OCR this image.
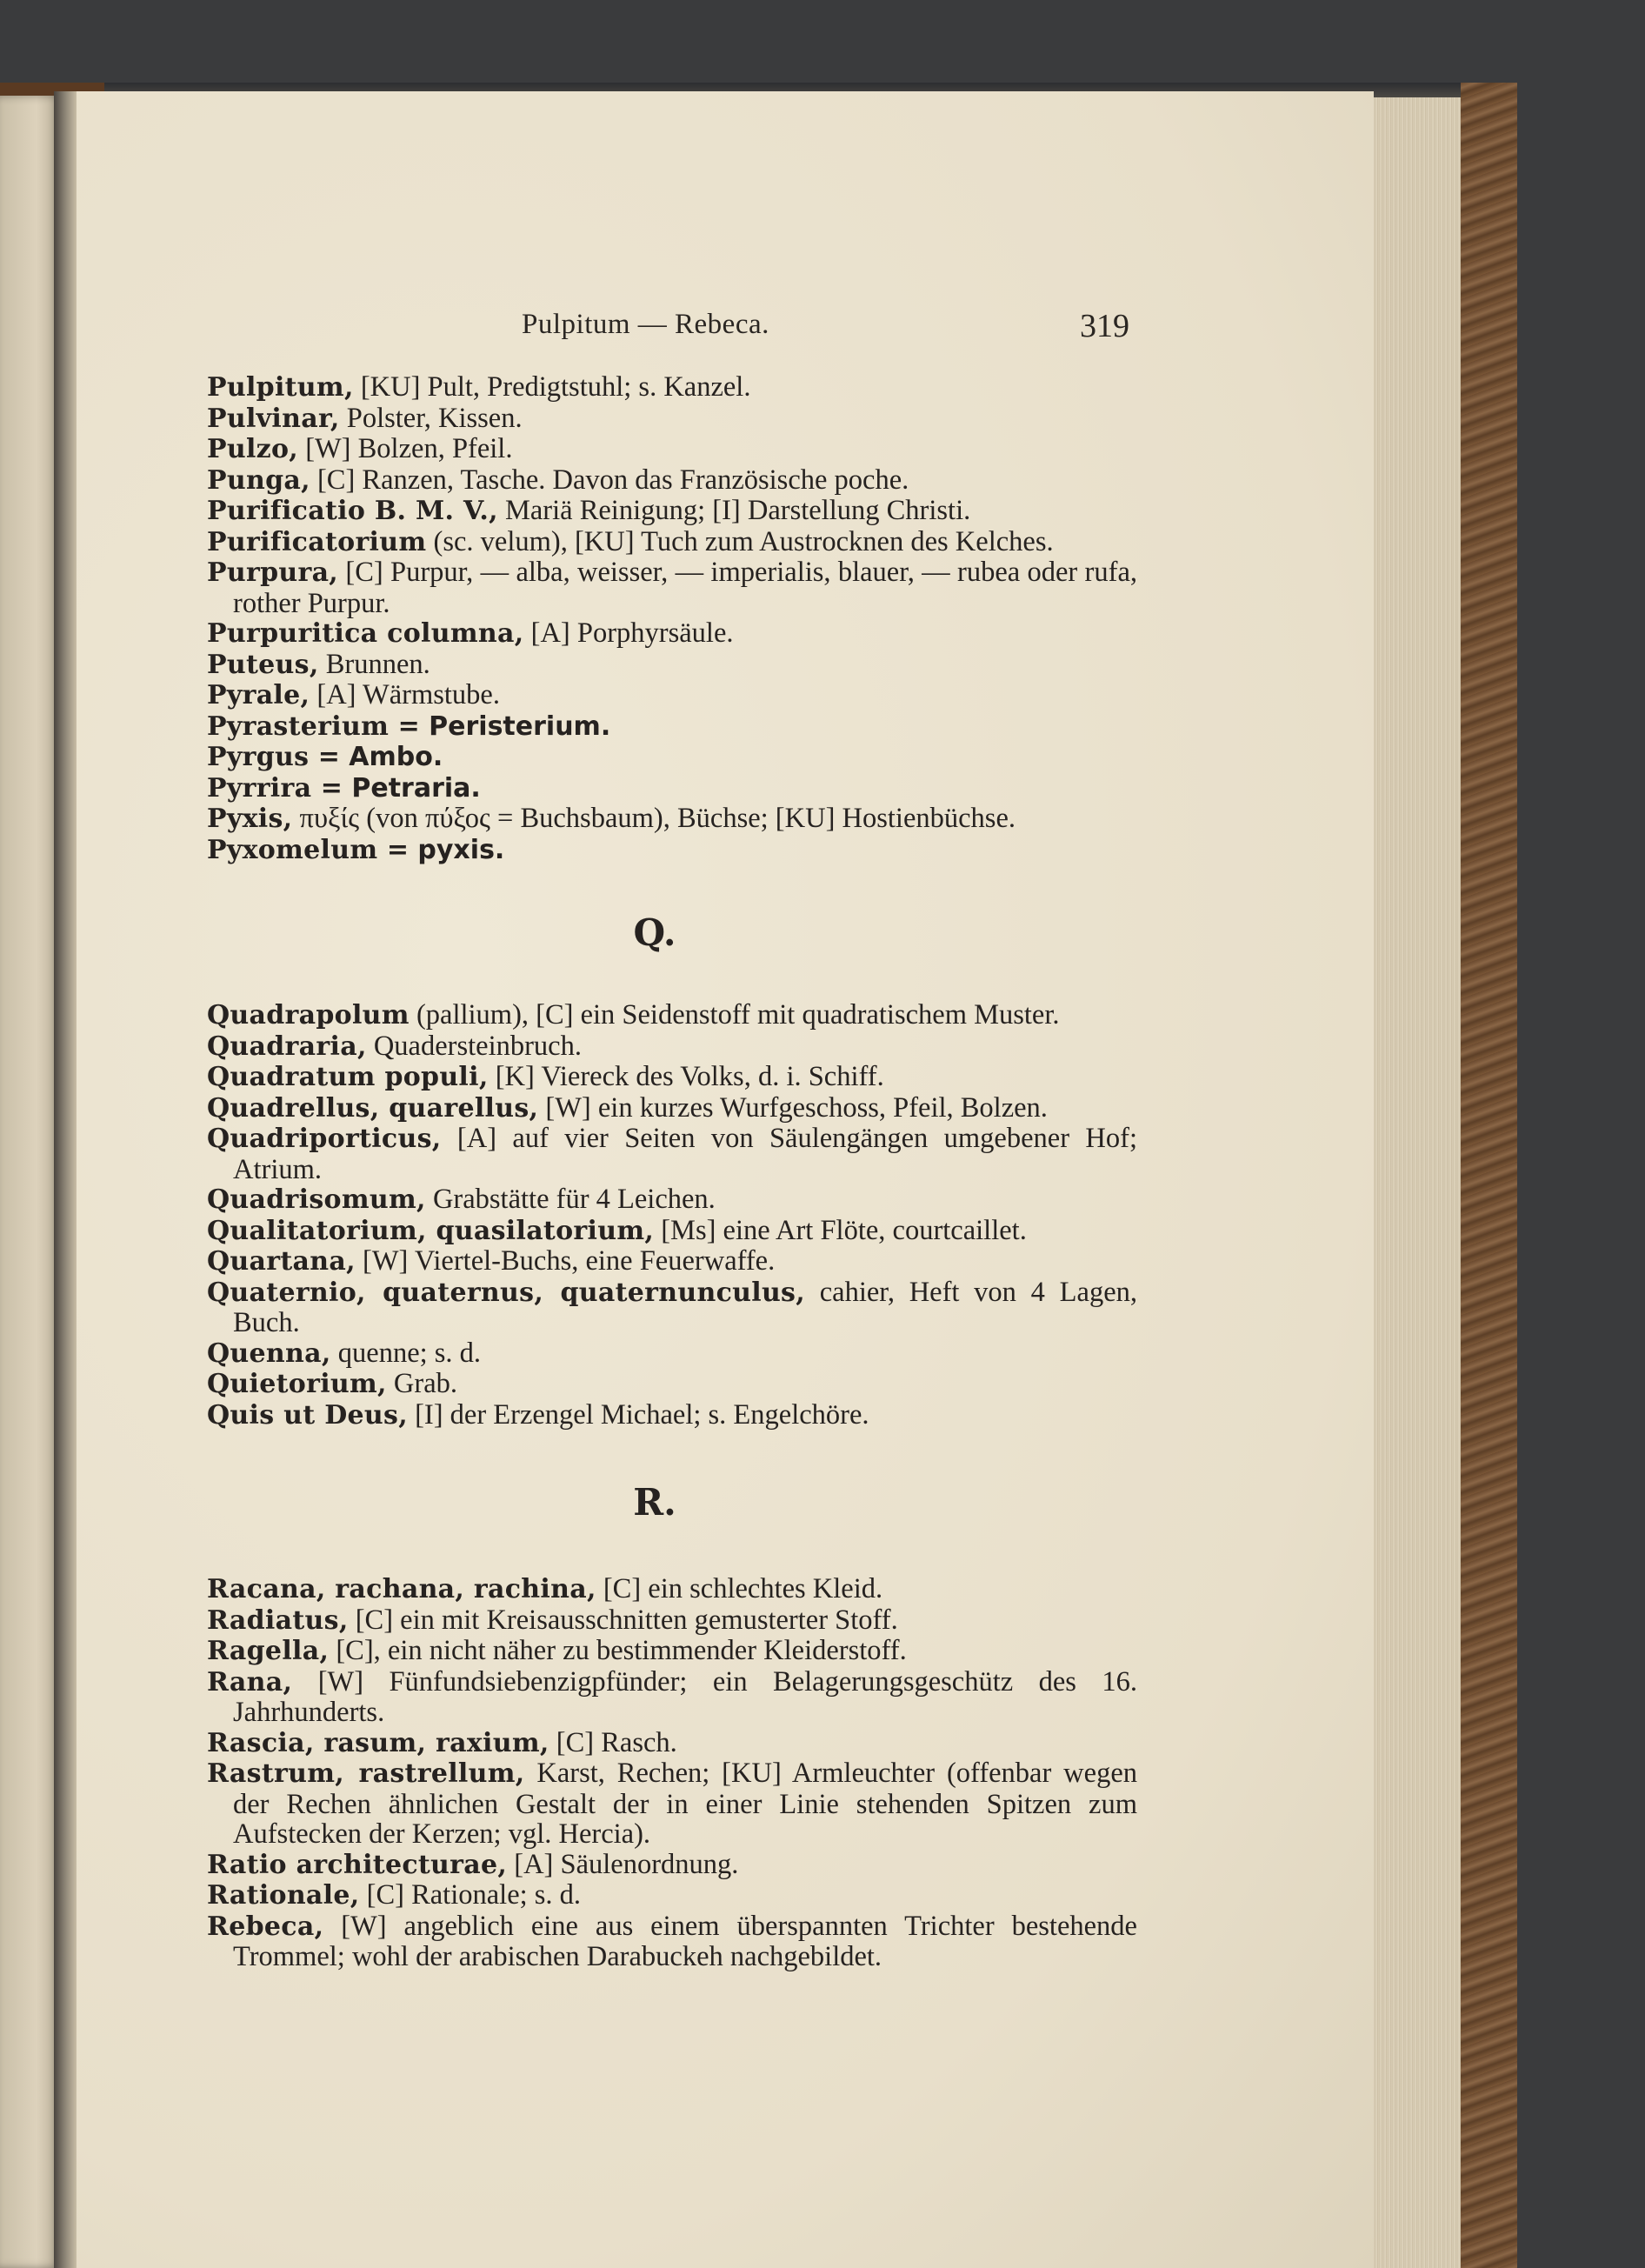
Pulpitum — Rebeca.	319

Pulpitum, [KU] Pult, Predigtstuhl; s. Kanzel.

Pulvinar, Polster, Kissen.

Pulzo, [W] Bolzen, Pfeil.

Punga, [C] Ranzen, Tasche. Davon das Französische poche.

Purificatio B. M. V., Mariä Reinigung; [I] Darstellung Christi.

Purificatorium (sc. velum), [KU] Tuch zum Austrocknen des Kelches.

Purpura, [C] Purpur, — alba, weisser, — imperialis, blauer, — rubea oder rufa, rother Purpur.

Purpuritica columna, [A] Porphyrsäule.

Puteus, Brunnen.

Pyrale, [A] Wärmstube.

Pyrasterium = Peristerium.

Pyrgus = Ambo.

Pyrrira = Petraria.

Pyxis, πυξίς (von πύξος = Buchsbaum), Büchse; [KU] Hostienbüchse.

Pyxomelum = pyxis.

Q.

Quadrapolum (pallium), [C] ein Seidenstoff mit quadratischem Muster.

Quadraria, Quadersteinbruch.

Quadratum populi, [K] Viereck des Volks, d. i. Schiff.

Quadrellus, quarellus, [W] ein kurzes Wurfgeschoss, Pfeil, Bolzen.

Quadriporticus, [A] auf vier Seiten von Säulengängen umgebener Hof; Atrium.

Quadrisomum, Grabstätte für 4 Leichen.

Qualitatorium, quasilatorium, [Ms] eine Art Flöte, courtcaillet.

Quartana, [W] Viertel-Buchs, eine Feuerwaffe.

Quaternio, quaternus, quaternunculus, cahier, Heft von 4 Lagen, Buch.

Quenna, quenne; s. d.

Quietorium, Grab.

Quis ut Deus, [I] der Erzengel Michael; s. Engelchöre.

R.

Racana, rachana, rachina, [C] ein schlechtes Kleid.

Radiatus, [C] ein mit Kreisausschnitten gemusterter Stoff.

Ragella, [C], ein nicht näher zu bestimmender Kleiderstoff.

Rana, [W] Fünfundsiebenzigpfünder; ein Belagerungsgeschütz des 16. Jahrhunderts.

Rascia, rasum, raxium, [C] Rasch.

Rastrum, rastrellum, Karst, Rechen; [KU] Armleuchter (offenbar wegen der Rechen ähnlichen Gestalt der in einer Linie stehenden Spitzen zum Aufstecken der Kerzen; vgl. Hercia).

Ratio architecturae, [A] Säulenordnung.

Rationale, [C] Rationale; s. d.

Rebeca, [W] angeblich eine aus einem überspannten Trichter bestehende Trommel; wohl der arabischen Darabuckeh nachgebildet.
